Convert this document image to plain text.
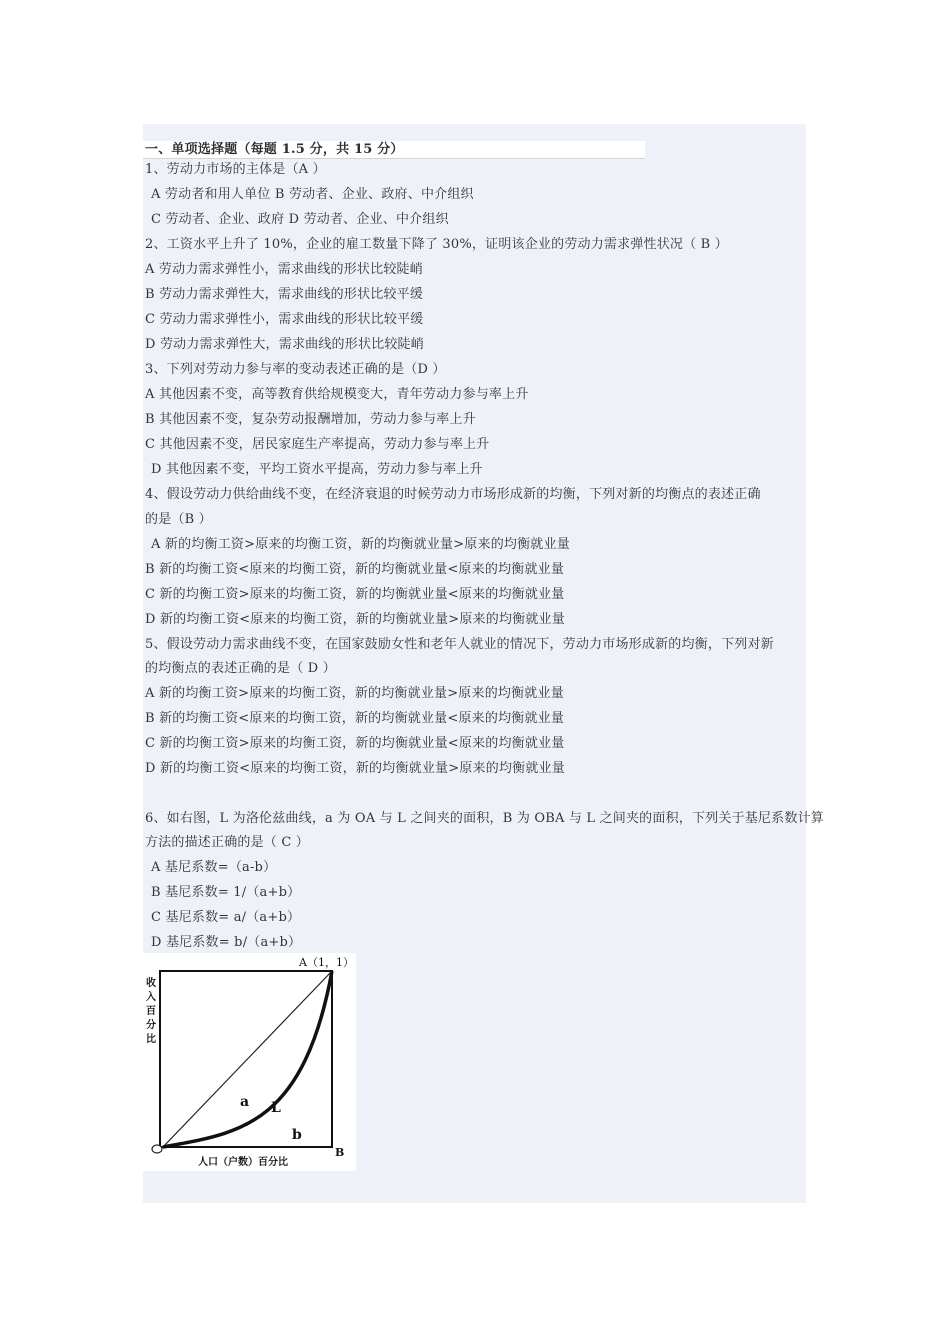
一、单项选择题（每题 1.5 分，共 15 分）
1、劳动力市场的主体是（A ）
A 劳动者和用人单位 B 劳动者、企业、政府、中介组织
C 劳动者、企业、政府 D 劳动者、企业、中介组织
2、工资水平上升了 10%，企业的雇工数量下降了 30%，证明该企业的劳动力需求弹性状况（ B ）
A 劳动力需求弹性小，需求曲线的形状比较陡峭
B 劳动力需求弹性大，需求曲线的形状比较平缓
C 劳动力需求弹性小，需求曲线的形状比较平缓
D 劳动力需求弹性大，需求曲线的形状比较陡峭
3、下列对劳动力参与率的变动表述正确的是（D ）
A 其他因素不变，高等教育供给规模变大，青年劳动力参与率上升
B 其他因素不变，复杂劳动报酬增加，劳动力参与率上升
C 其他因素不变，居民家庭生产率提高，劳动力参与率上升
D 其他因素不变，平均工资水平提高，劳动力参与率上升
4、假设劳动力供给曲线不变，在经济衰退的时候劳动力市场形成新的均衡，下列对新的均衡点的表述正确
的是（B ）
A 新的均衡工资>原来的均衡工资，新的均衡就业量>原来的均衡就业量
B 新的均衡工资<原来的均衡工资，新的均衡就业量<原来的均衡就业量
C 新的均衡工资>原来的均衡工资，新的均衡就业量<原来的均衡就业量
D 新的均衡工资<原来的均衡工资，新的均衡就业量>原来的均衡就业量
5、假设劳动力需求曲线不变，在国家鼓励女性和老年人就业的情况下，劳动力市场形成新的均衡，下列对新
的均衡点的表述正确的是（ D ）
A 新的均衡工资>原来的均衡工资，新的均衡就业量>原来的均衡就业量
B 新的均衡工资<原来的均衡工资，新的均衡就业量<原来的均衡就业量
C 新的均衡工资>原来的均衡工资，新的均衡就业量<原来的均衡就业量
D 新的均衡工资<原来的均衡工资，新的均衡就业量>原来的均衡就业量
6、如右图，L 为洛伦兹曲线，a 为 OA 与 L 之间夹的面积，B 为 OBA 与 L 之间夹的面积，下列关于基尼系数计算
方法的描述正确的是（ C ）
A 基尼系数=（a-b）
B 基尼系数= 1/（a+b）
C 基尼系数= a/（a+b）
D 基尼系数= b/（a+b）
A（1，1）
收
入
百
分
比
a L
b
B
O	人口（户数）百分比
